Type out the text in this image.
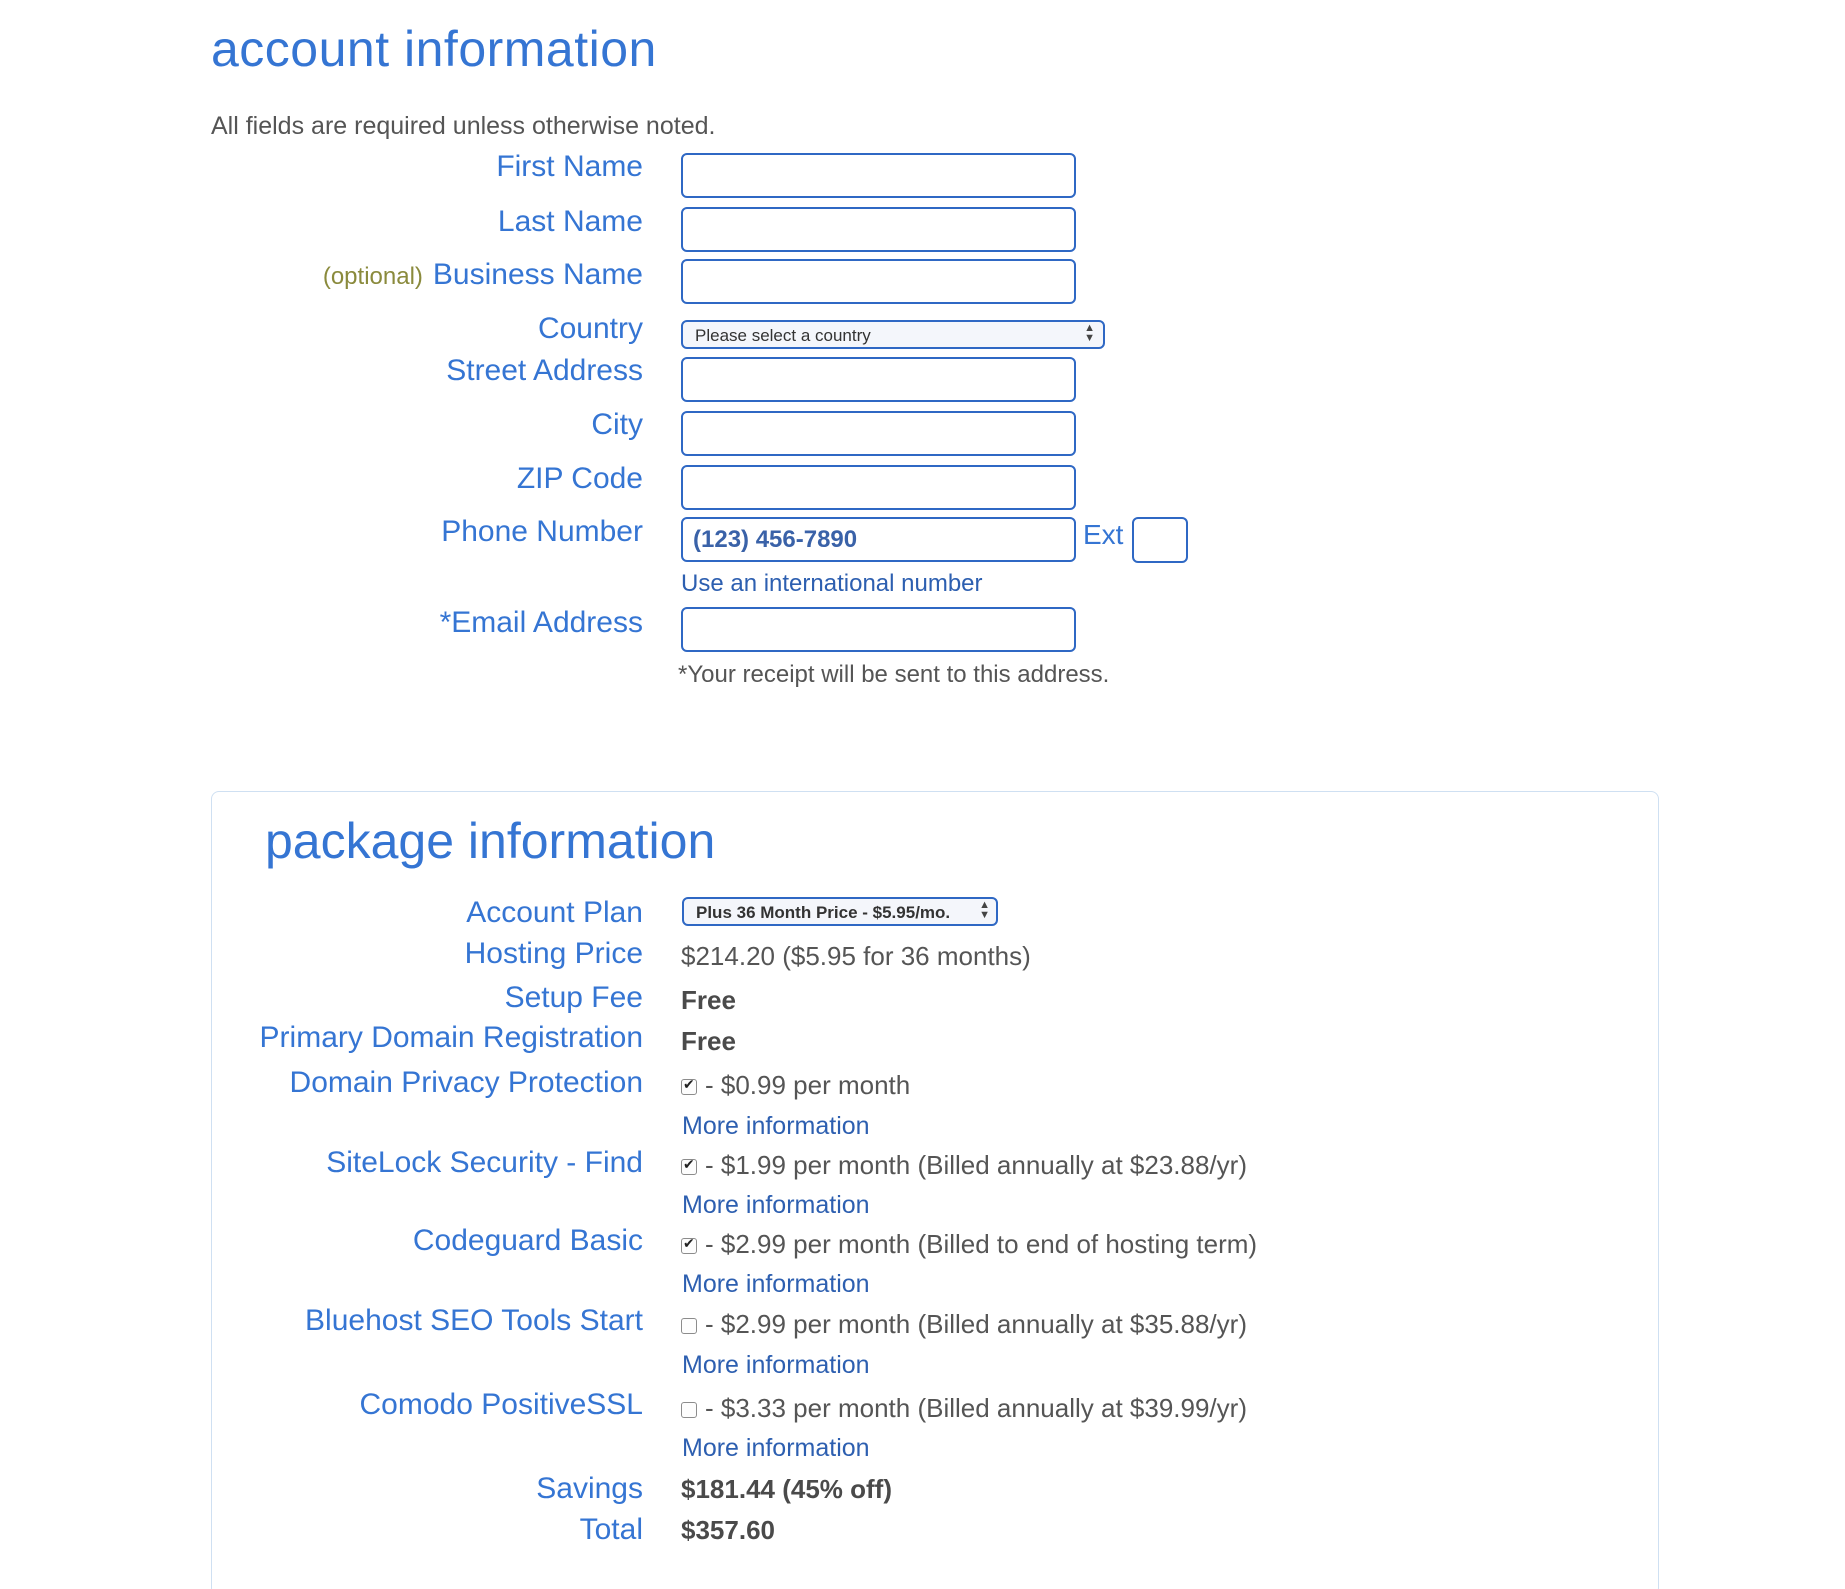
account information
All fields are required unless otherwise noted.
First Name
Last Name
(optional) Business Name
Country	Please select a country	▲
▼
Street Address
City
ZIP Code
Phone Number
(123) 456-7890	Ext
Use an international number
*Email Address
*Your receipt will be sent to this address.
package information
Account Plan	Plus 36 Month Price - $5.95/mo.	▲
▼
Hosting Price $214.20 ($5.95 for 36 months)
Setup Fee Free
Primary Domain Registration Free
Domain Privacy Protection ✔	- $0.99 per month
More information
SiteLock Security - Find ✔	- $1.99 per month (Billed annually at $23.88/yr)
More information
Codeguard Basic ✔	- $2.99 per month (Billed to end of hosting term)
More information
Bluehost SEO Tools Start	- $2.99 per month (Billed annually at $35.88/yr)
More information
Comodo PositiveSSL	- $3.33 per month (Billed annually at $39.99/yr)
More information
Savings $181.44 (45% off)
Total $357.60
